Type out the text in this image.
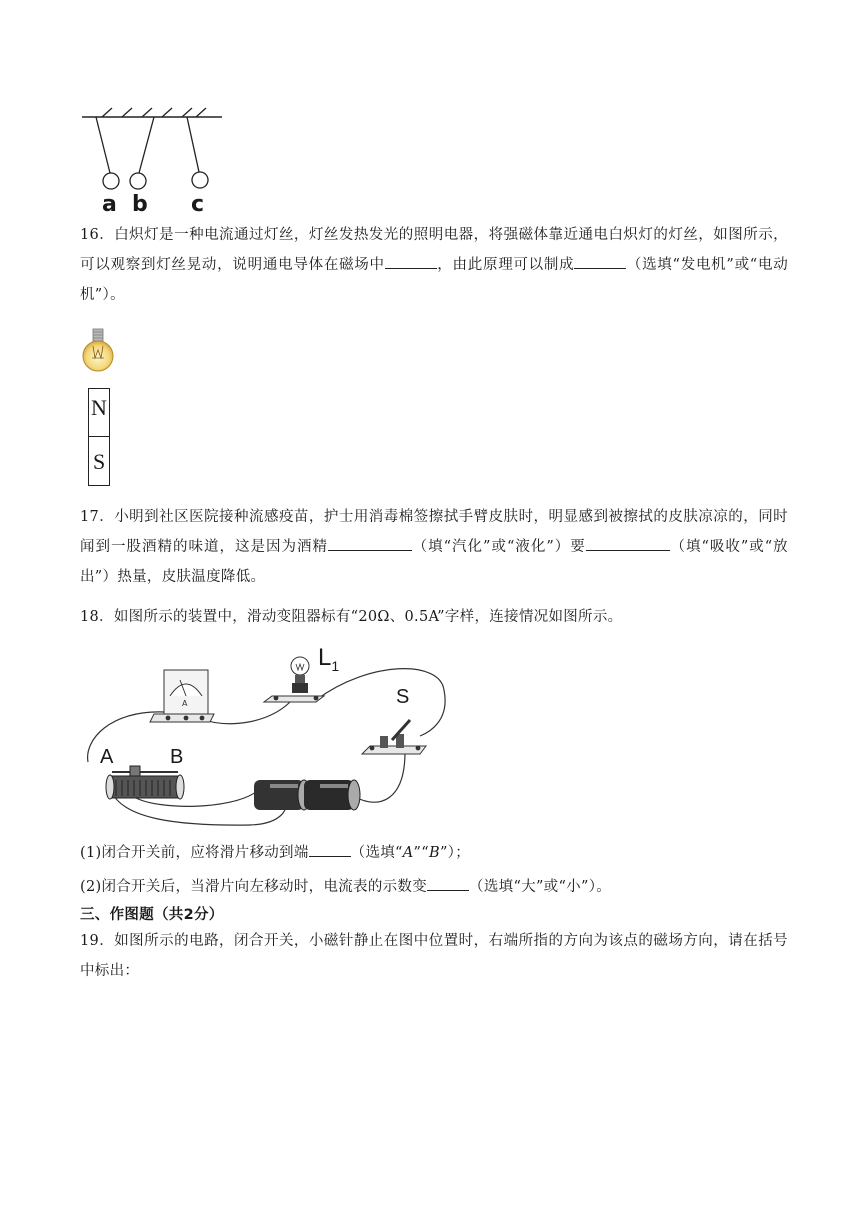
a b c
16．白炽灯是一种电流通过灯丝，灯丝发热发光的照明电器，将强磁体靠近通电白炽灯的灯丝，如图所示，可以观察到灯丝晃动，说明通电导体在磁场中	，由此原理可以制成	（选填“发电机”或“电动机”）。
N
S
17．小明到社区医院接种流感疫苗，护士用消毒棉签擦拭手臂皮肤时，明显感到被擦拭的皮肤凉凉的，同时闻到一股酒精的味道，这是因为酒精	（填“汽化”或“液化”）要	（填“吸收”或“放出”）热量，皮肤温度降低。
18．如图所示的装置中，滑动变阻器标有“20Ω、0.5A”字样，连接情况如图所示。
A
$L_1$
S
A	B
(1)闭合开关前，应将滑片移动到端	（选填“A”“B”）；
(2)闭合开关后，当滑片向左移动时，电流表的示数变	（选填“大”或“小”）。
三、作图题（共2分）
19．如图所示的电路，闭合开关，小磁针静止在图中位置时，右端所指的方向为该点的磁场方向，请在括号中标出：
